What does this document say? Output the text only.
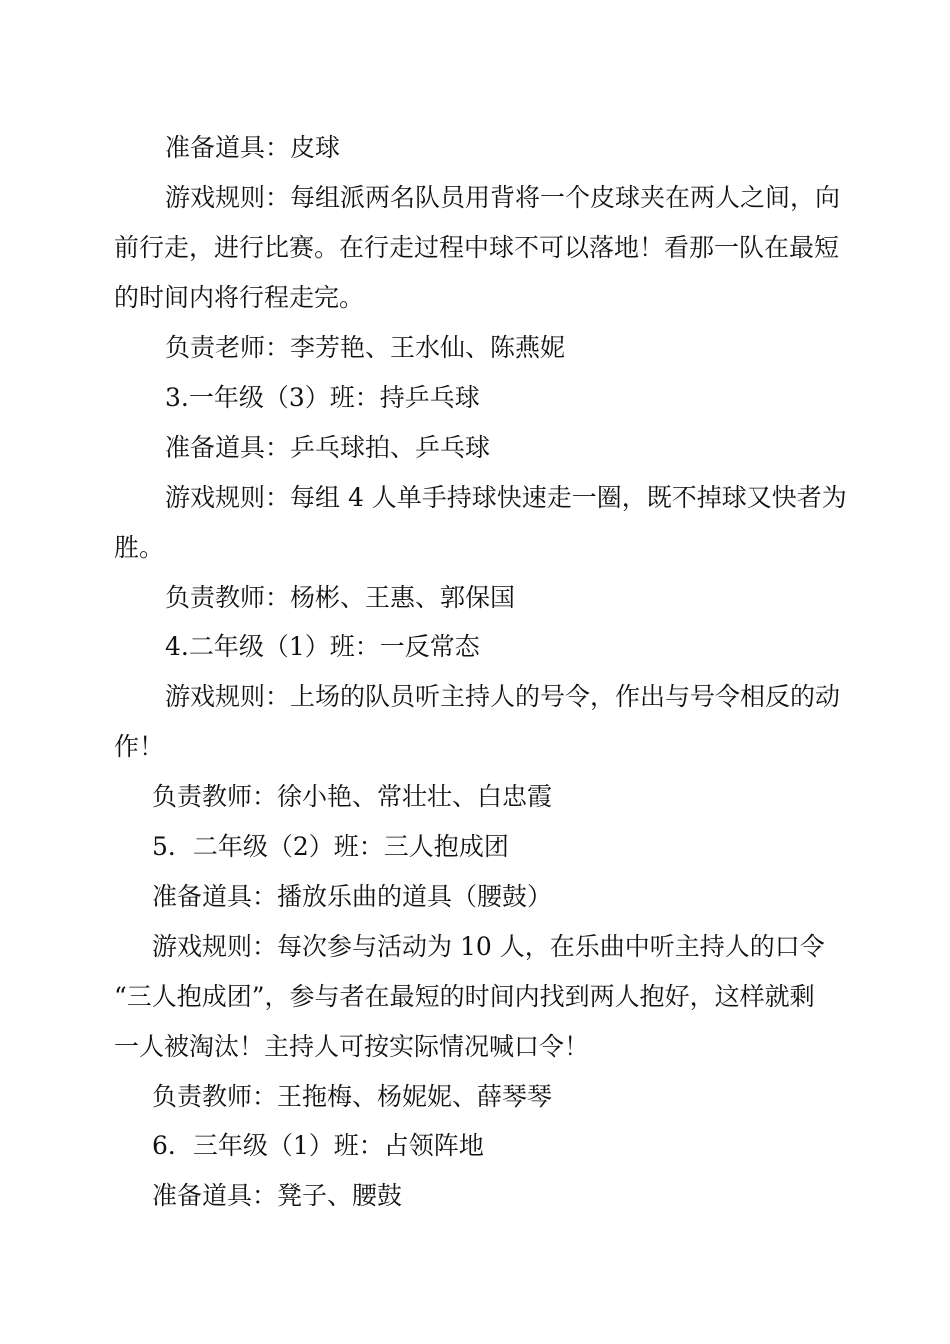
准备道具：皮球
游戏规则：每组派两名队员用背将一个皮球夹在两人之间，向
前行走，进行比赛。在行走过程中球不可以落地！看那一队在最短
的时间内将行程走完。
负责老师：李芳艳、王水仙、陈燕妮
3.一年级（3）班：持乒乓球
准备道具：乒乓球拍、乒乓球
游戏规则：每组 4 人单手持球快速走一圈，既不掉球又快者为
胜。
负责教师：杨彬、王惠、郭保国
4.二年级（1）班：一反常态
游戏规则：上场的队员听主持人的号令，作出与号令相反的动
作！
负责教师：徐小艳、常壮壮、白忠霞
5．二年级（2）班：三人抱成团
准备道具：播放乐曲的道具（腰鼓）
游戏规则：每次参与活动为 10 人，在乐曲中听主持人的口令
“三人抱成团”，参与者在最短的时间内找到两人抱好，这样就剩
一人被淘汰！主持人可按实际情况喊口令！
负责教师：王拖梅、杨妮妮、薛琴琴
6．三年级（1）班：占领阵地
准备道具：凳子、腰鼓
